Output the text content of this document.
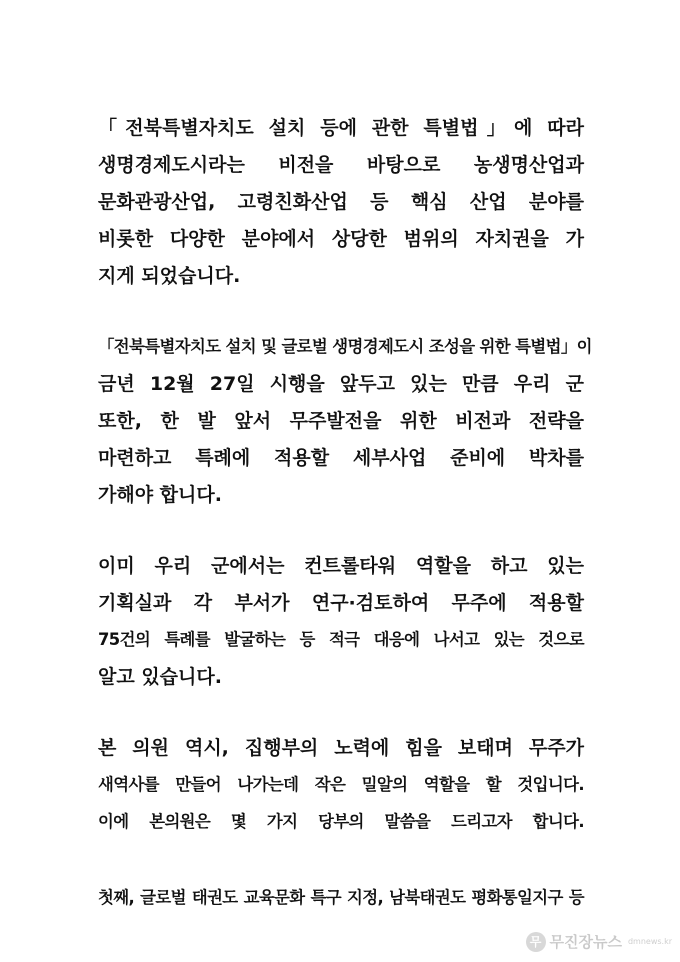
「전북특별자치도 설치 등에 관한 특별법」에 따라
생명경제도시라는 비전을 바탕으로 농생명산업과
문화관광산업, 고령친화산업 등 핵심 산업 분야를
비롯한 다양한 분야에서 상당한 범위의 자치권을 가
지게 되었습니다.
「전북특별자치도 설치 및 글로벌 생명경제도시 조성을 위한 특별법」이
금년 12월 27일 시행을 앞두고 있는 만큼 우리 군
또한, 한 발 앞서 무주발전을 위한 비전과 전략을
마련하고 특례에 적용할 세부사업 준비에 박차를
가해야 합니다.
이미 우리 군에서는 컨트롤타워 역할을 하고 있는
기획실과 각 부서가 연구·검토하여 무주에 적용할
75건의 특례를 발굴하는 등 적극 대응에 나서고 있는 것으로
알고 있습니다.
본 의원 역시, 집행부의 노력에 힘을 보태며 무주가
새역사를 만들어 나가는데 작은 밀알의 역할을 할 것입니다.
이에 본의원은 몇 가지 당부의 말씀을 드리고자 합니다.
첫째, 글로벌 태권도 교육문화 특구 지정, 남북태권도 평화통일지구 등
무 무진장뉴스 dmnews.kr
